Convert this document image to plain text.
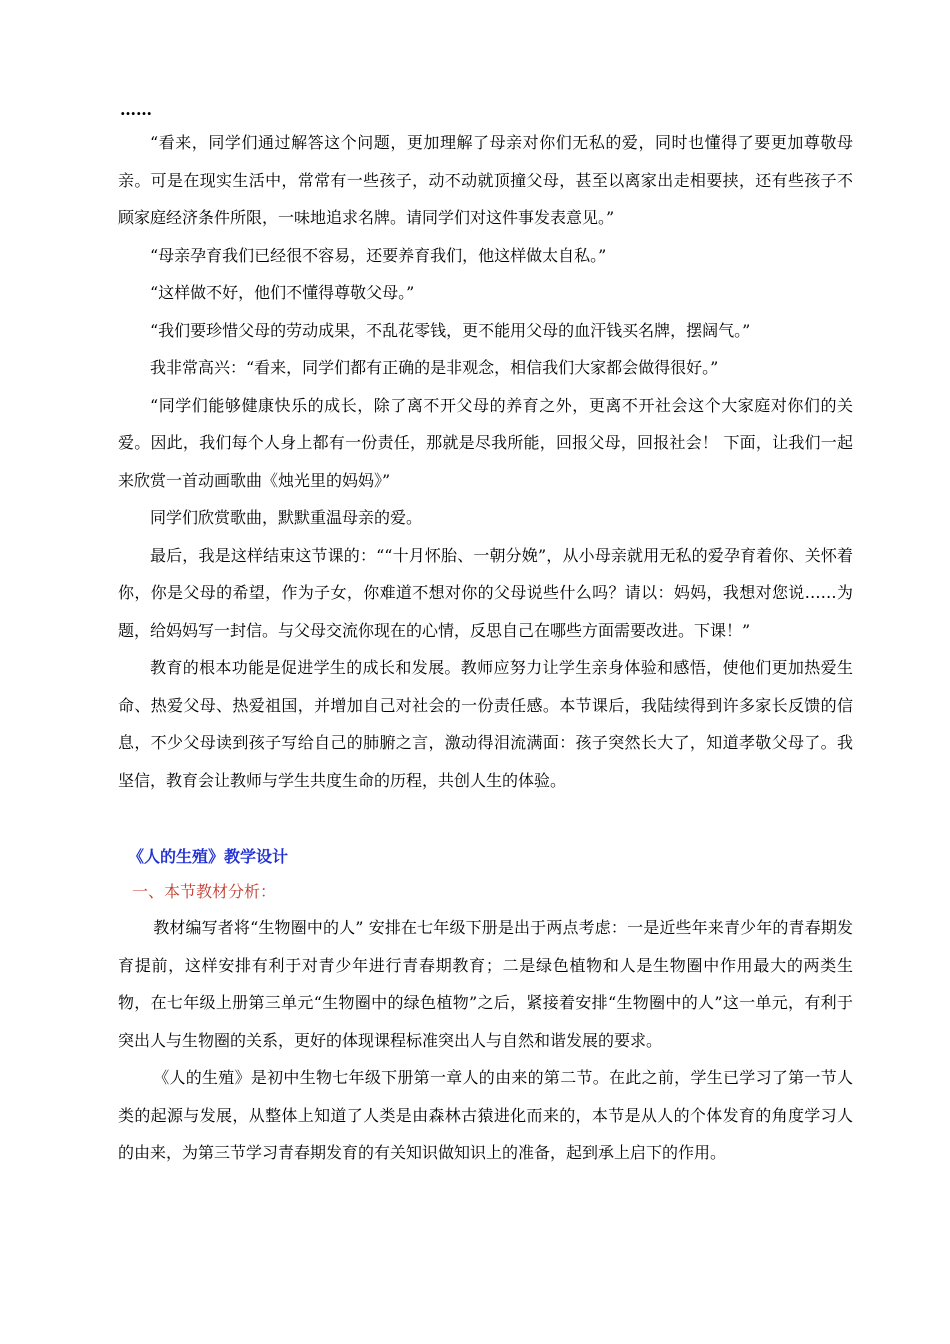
……

“看来，同学们通过解答这个问题，更加理解了母亲对你们无私的爱，同时也懂得了要更加尊敬母亲。可是在现实生活中，常常有一些孩子，动不动就顶撞父母，甚至以离家出走相要挟，还有些孩子不顾家庭经济条件所限，一味地追求名牌。请同学们对这件事发表意见。”

“母亲孕育我们已经很不容易，还要养育我们，他这样做太自私。”

“这样做不好，他们不懂得尊敬父母。”

“我们要珍惜父母的劳动成果，不乱花零钱，更不能用父母的血汗钱买名牌，摆阔气。”

我非常高兴：“看来，同学们都有正确的是非观念，相信我们大家都会做得很好。”

“同学们能够健康快乐的成长，除了离不开父母的养育之外，更离不开社会这个大家庭对你们的关爱。因此，我们每个人身上都有一份责任，那就是尽我所能，回报父母，回报社会！ 下面，让我们一起来欣赏一首动画歌曲《烛光里的妈妈》”

同学们欣赏歌曲，默默重温母亲的爱。

最后，我是这样结束这节课的：““十月怀胎、一朝分娩”，从小母亲就用无私的爱孕育着你、关怀着你，你是父母的希望，作为子女，你难道不想对你的父母说些什么吗？请以：妈妈，我想对您说……为题，给妈妈写一封信。与父母交流你现在的心情，反思自己在哪些方面需要改进。下课！”

教育的根本功能是促进学生的成长和发展。教师应努力让学生亲身体验和感悟，使他们更加热爱生命、热爱父母、热爱祖国，并增加自己对社会的一份责任感。本节课后，我陆续得到许多家长反馈的信息，不少父母读到孩子写给自己的肺腑之言，激动得泪流满面：孩子突然长大了，知道孝敬父母了。我坚信，教育会让教师与学生共度生命的历程，共创人生的体验。

《人的生殖》教学设计
一、本节教材分析：

教材编写者将“生物圈中的人” 安排在七年级下册是出于两点考虑：一是近些年来青少年的青春期发育提前，这样安排有利于对青少年进行青春期教育；二是绿色植物和人是生物圈中作用最大的两类生物，在七年级上册第三单元“生物圈中的绿色植物”之后，紧接着安排“生物圈中的人”这一单元，有利于突出人与生物圈的关系，更好的体现课程标准突出人与自然和谐发展的要求。

《人的生殖》是初中生物七年级下册第一章人的由来的第二节。在此之前，学生已学习了第一节人类的起源与发展，从整体上知道了人类是由森林古猿进化而来的，本节是从人的个体发育的角度学习人的由来，为第三节学习青春期发育的有关知识做知识上的准备，起到承上启下的作用。
